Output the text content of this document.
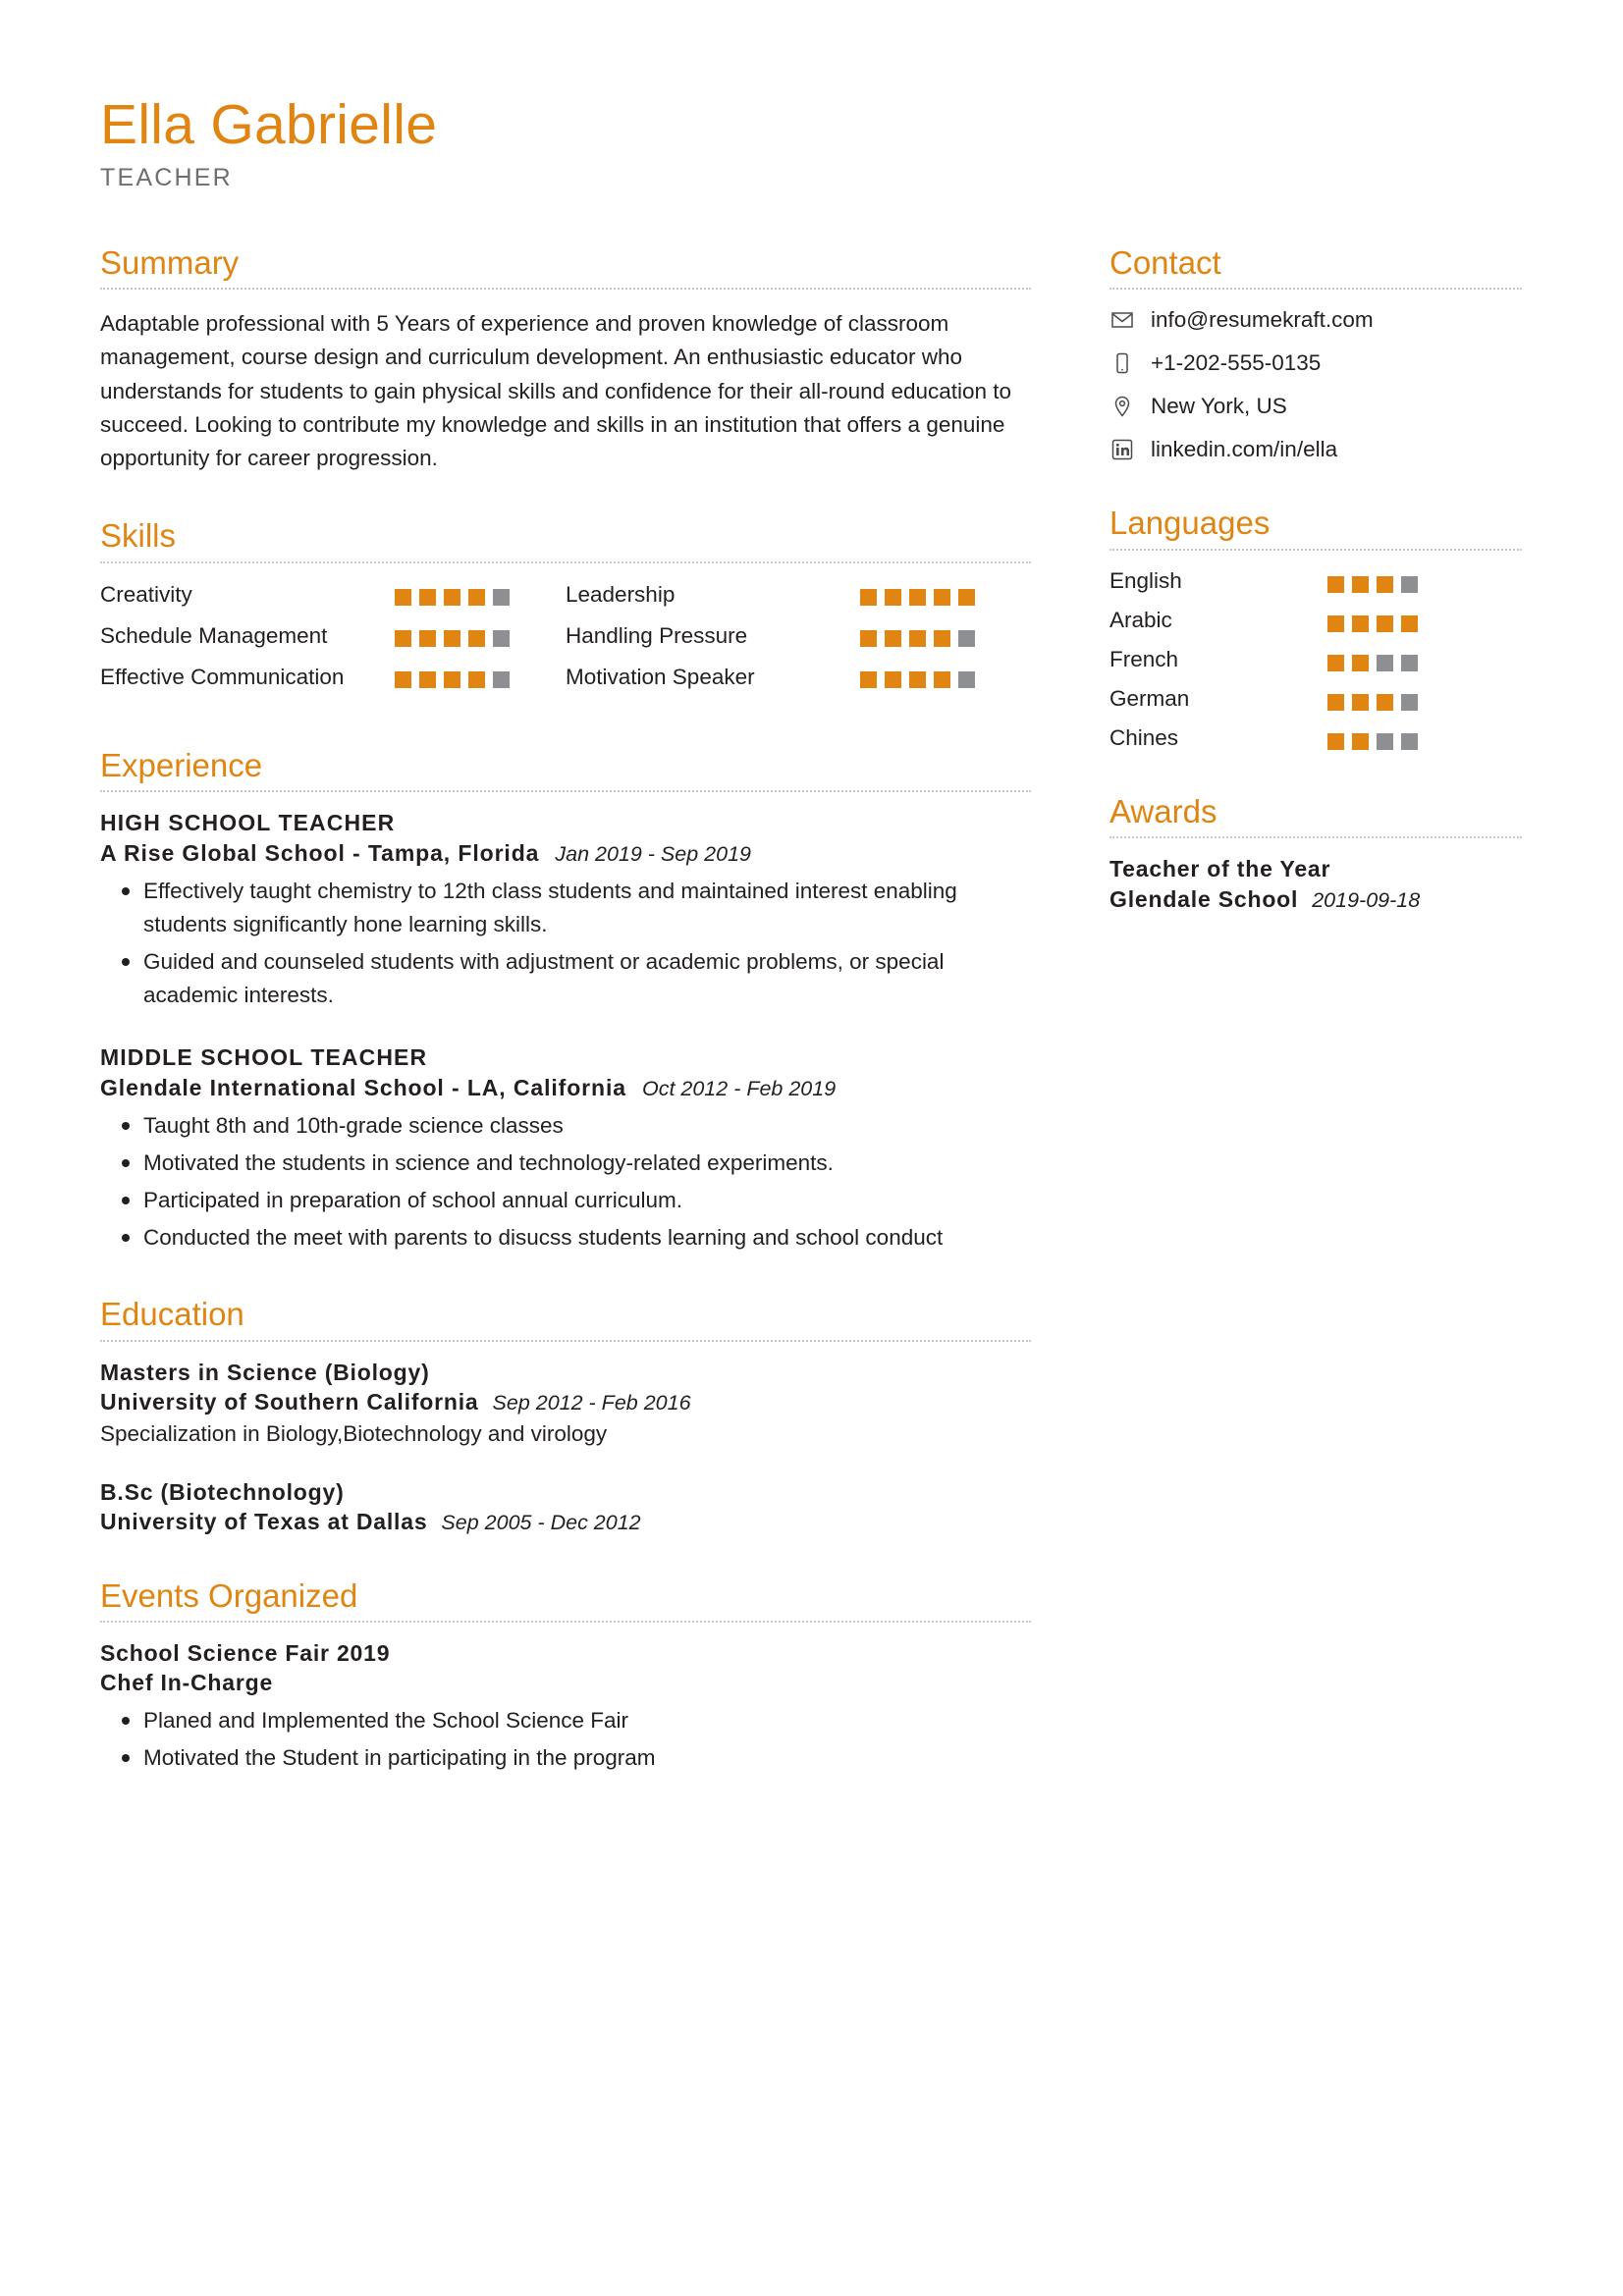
Ella Gabrielle
TEACHER
Summary
Adaptable professional with 5 Years of experience and proven knowledge of classroom management, course design and curriculum development. An enthusiastic educator who understands for students to gain physical skills and confidence for their all-round education to succeed. Looking to contribute my knowledge and skills in an institution that offers a genuine opportunity for career progression.
Skills
Creativity
Schedule Management
Effective Communication
Leadership
Handling Pressure
Motivation Speaker
Experience
HIGH SCHOOL TEACHER
A Rise Global School - Tampa, Florida Jan 2019 - Sep 2019
Effectively taught chemistry to 12th class students and maintained interest enabling students significantly hone learning skills.
Guided and counseled students with adjustment or academic problems, or special academic interests.
MIDDLE SCHOOL TEACHER
Glendale International School - LA, California Oct 2012 - Feb 2019
Taught 8th and 10th-grade science classes
Motivated the students in science and technology-related experiments.
Participated in preparation of school annual curriculum.
Conducted the meet with parents to disucss students learning and school conduct
Education
Masters in Science (Biology)
University of Southern California Sep 2012 - Feb 2016
Specialization in Biology,Biotechnology and virology
B.Sc (Biotechnology)
University of Texas at Dallas Sep 2005 - Dec 2012
Events Organized
School Science Fair 2019
Chef In-Charge
Planed and Implemented the School Science Fair
Motivated the Student in participating in the program
Contact
info@resumekraft.com
+1-202-555-0135
New York, US
linkedin.com/in/ella
Languages
English
Arabic
French
German
Chines
Awards
Teacher of the Year
Glendale School 2019-09-18
